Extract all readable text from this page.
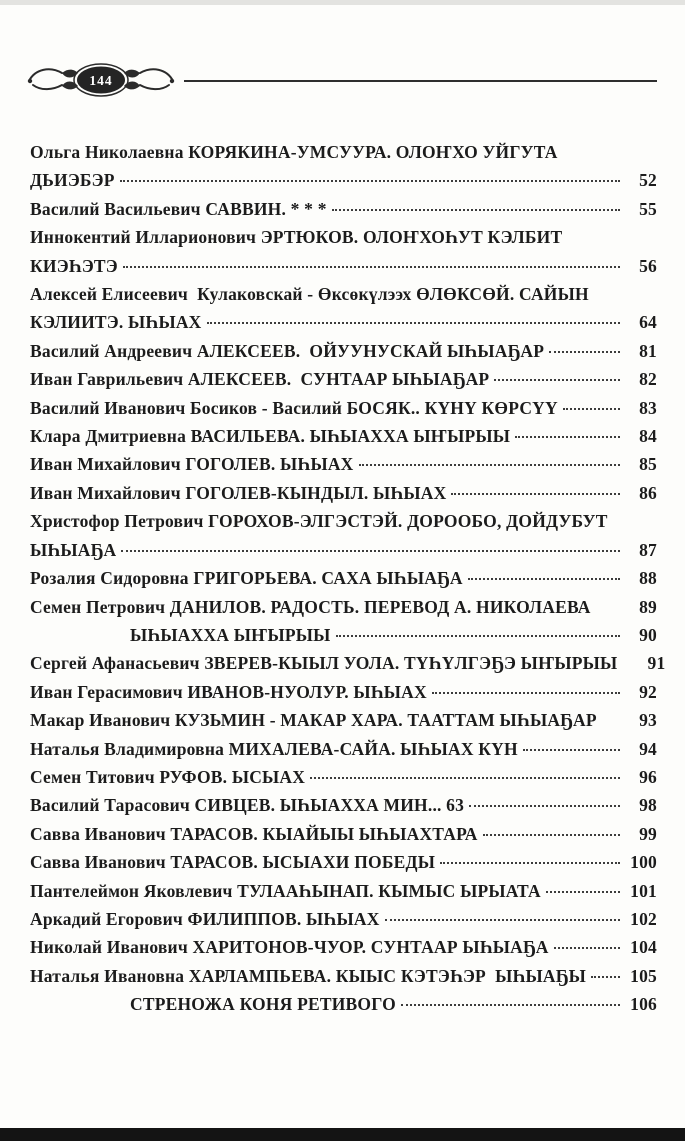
144
Ольга Николаевна КОРЯКИНА-УМСУУРА. ОЛОҤХО УЙГУТА
ДЬИЭБЭР	52
Василий Васильевич САВВИН. * * *	55
Иннокентий Илларионович ЭРТЮКОВ. ОЛОҤХОҺУТ КЭЛБИТ
КИЭҺЭТЭ	56
Алексей Елисеевич  Кулаковскай - Өксөкүлээх ӨЛӨКСӨЙ. САЙЫН
КЭЛИИТЭ. ЫҺЫАХ	64
Василий Андреевич АЛЕКСЕЕВ.  ОЙУУНУСКАЙ ЫҺЫАҔАР	81
Иван Гаврильевич АЛЕКСЕЕВ.  СУНТААР ЫҺЫАҔАР	82
Василий Иванович Босиков - Василий БОСЯК.. КҮНҮ КӨРСҮҮ	83
Клара Дмитриевна ВАСИЛЬЕВА. ЫҺЫАХХА ЫҤЫРЫЫ	84
Иван Михайлович ГОГОЛЕВ. ЫҺЫАХ	85
Иван Михайлович ГОГОЛЕВ-КЫНДЫЛ. ЫҺЫАХ	86
Христофор Петрович ГОРОХОВ-ЭЛГЭСТЭЙ. ДОРООБО, ДОЙДУБУТ
ЫҺЫАҔА	87
Розалия Сидоровна ГРИГОРЬЕВА. САХА ЫҺЫАҔА	88
Семен Петрович ДАНИЛОВ. РАДОСТЬ. ПЕРЕВОД А. НИКОЛАЕВА	89
ЫҺЫАХХА ЫҤЫРЫЫ	90
Сергей Афанасьевич ЗВЕРЕВ-КЫЫЛ УОЛА. ТҮҺҮЛГЭҔЭ ЫҤЫРЫЫ	91
Иван Герасимович ИВАНОВ-НУОЛУР. ЫҺЫАХ	92
Макар Иванович КУЗЬМИН - МАКАР ХАРА. ТААТТАМ ЫҺЫАҔАР	93
Наталья Владимировна МИХАЛЕВА-САЙА. ЫҺЫАХ КҮН	94
Семен Титович РУФОВ. ЫСЫАХ	96
Василий Тарасович СИВЦЕВ. ЫҺЫАХХА МИН... 63	98
Савва Иванович ТАРАСОВ. КЫАЙЫЫ ЫҺЫАХТАРА	99
Савва Иванович ТАРАСОВ. ЫСЫАХИ ПОБЕДЫ	100
Пантелеймон Яковлевич ТУЛААҺЫНАП. КЫМЫС ЫРЫАТА	101
Аркадий Егорович ФИЛИППОВ. ЫҺЫАХ	102
Николай Иванович ХАРИТОНОВ-ЧУОР. СУНТААР ЫҺЫАҔА	104
Наталья Ивановна ХАРЛАМПЬЕВА. КЫЫС КЭТЭҺЭР  ЫҺЫАҔЫ	105
СТРЕНОЖА КОНЯ РЕТИВОГО	106
